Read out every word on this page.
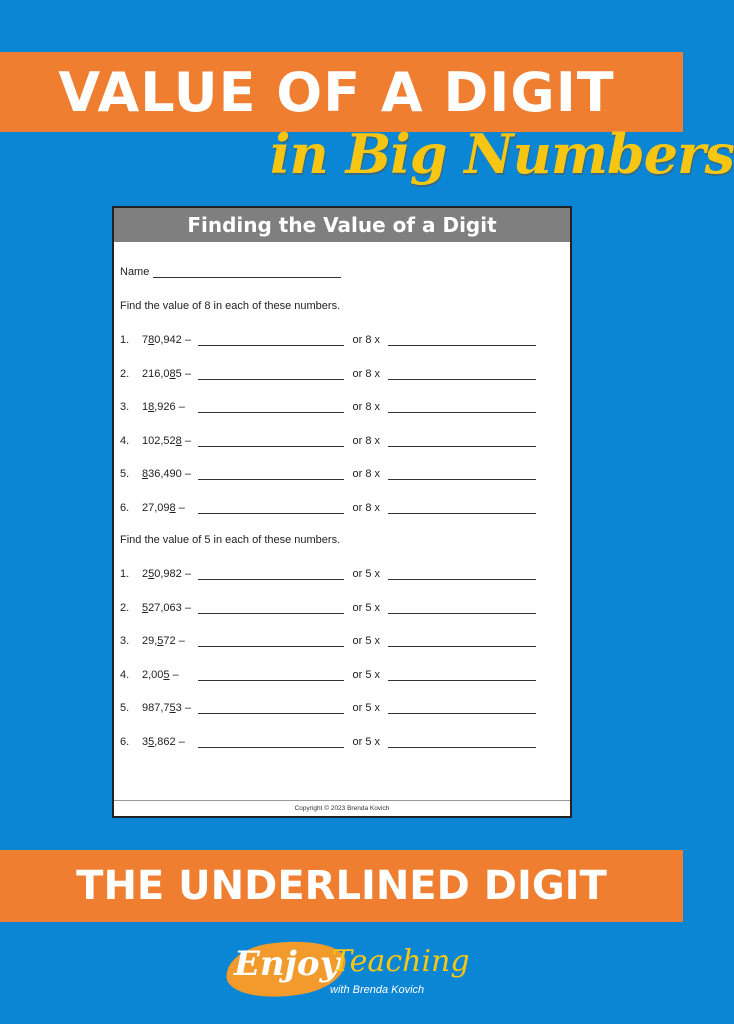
VALUE OF A DIGIT
in Big Numbers
Finding the Value of a Digit
Name
Find the value of 8 in each of these numbers.
Find the value of 5 in each of these numbers.
1.	780,942 –	or 8 x
2.	216,085 –	or 8 x
3.	18,926 –	or 8 x
4.	102,528 –	or 8 x
5.	836,490 –	or 8 x
6.	27,098 –	or 8 x
1.	250,982 –	or 5 x
2.	527,063 –	or 5 x
3.	29,572 –	or 5 x
4.	2,005 –	or 5 x
5.	987,753 –	or 5 x
6.	35,862 –	or 5 x
Copyright © 2023 Brenda Kovich
THE UNDERLINED DIGIT
Enjoy
Teaching
with Brenda Kovich
